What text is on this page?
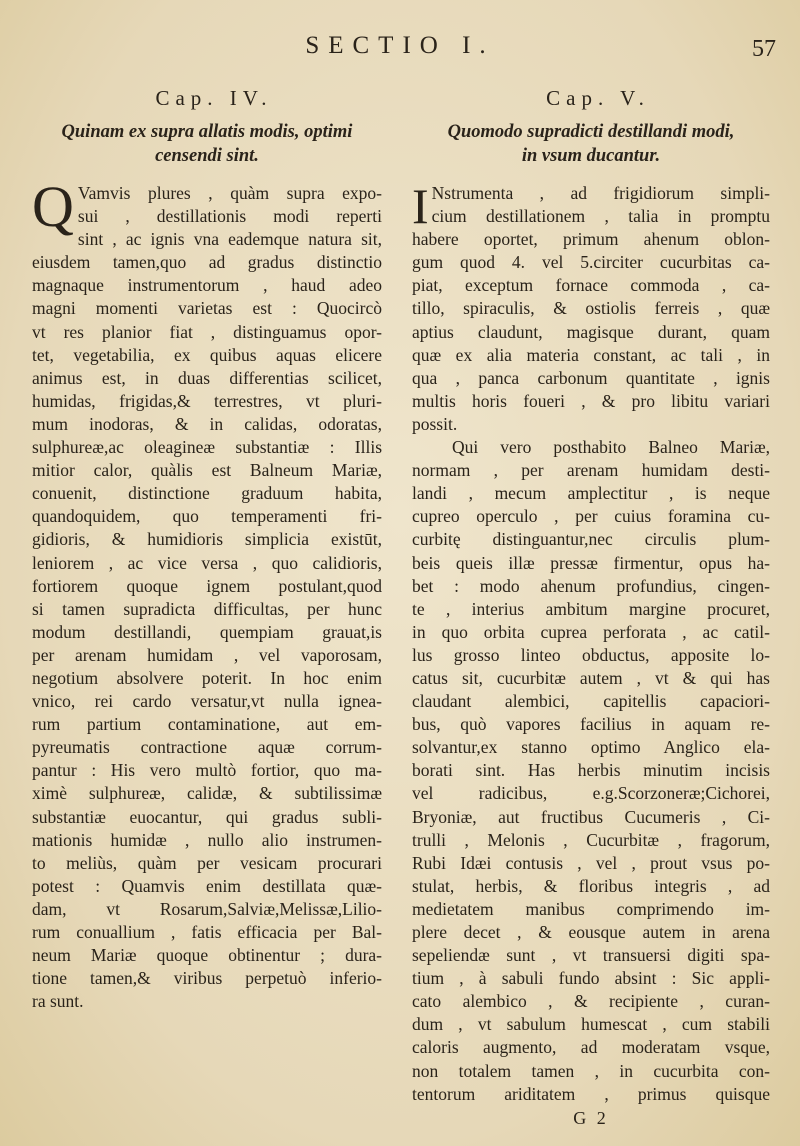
SECTIO I.	57
Cap. IV.
Quinam ex supra allatis modis, optimi
censendi sint.
Q Vamvis plures , quàm supra expo-
sui , destillationis modi reperti
sint , ac ignis vna eademque natura sit,
eiusdem tamen,quo ad gradus distinctio
magnaque instrumentorum , haud adeo
magni momenti varietas est : Quocircò
vt res planior fiat , distinguamus opor-
tet, vegetabilia, ex quibus aquas elicere
animus est, in duas differentias scilicet,
humidas, frigidas,& terrestres, vt pluri-
mum inodoras, & in calidas, odoratas,
sulphureæ,ac oleagineæ substantiæ : Illis
mitior calor, quàlis est Balneum Mariæ,
conuenit, distinctione graduum habita,
quandoquidem, quo temperamenti fri-
gidioris, & humidioris simplicia existūt,
leniorem , ac vice versa , quo calidioris,
fortiorem quoque ignem postulant,quod
si tamen supradicta difficultas, per hunc
modum destillandi, quempiam grauat,is
per arenam humidam , vel vaporosam,
negotium absolvere poterit. In hoc enim
vnico, rei cardo versatur,vt nulla ignea-
rum partium contaminatione, aut em-
pyreumatis contractione aquæ corrum-
pantur : His vero multò fortior, quo ma-
ximè sulphureæ, calidæ, & subtilissimæ
substantiæ euocantur, qui gradus subli-
mationis humidæ , nullo alio instrumen-
to meliùs, quàm per vesicam procurari
potest : Quamvis enim destillata quæ-
dam, vt Rosarum,Salviæ,Melissæ,Lilio-
rum conuallium , fatis efficacia per Bal-
neum Mariæ quoque obtinentur ; dura-
tione tamen,& viribus perpetuò inferio-
ra sunt.
Cap. V.
Quomodo supradicti destillandi modi,
in vsum ducantur.
I Nstrumenta , ad frigidiorum simpli-
cium destillationem , talia in promptu
habere oportet, primum ahenum oblon-
gum quod 4. vel 5.circiter cucurbitas ca-
piat, exceptum fornace commoda , ca-
tillo, spiraculis, & ostiolis ferreis , quæ
aptius claudunt, magisque durant, quam
quæ ex alia materia constant, ac tali , in
qua , panca carbonum quantitate , ignis
multis horis foueri , & pro libitu variari
possit.
Qui vero posthabito Balneo Mariæ,
normam , per arenam humidam desti-
landi , mecum amplectitur , is neque
cupreo operculo , per cuius foramina cu-
curbitę distinguantur,nec circulis plum-
beis queis illæ pressæ firmentur, opus ha-
bet : modo ahenum profundius, cingen-
te , interius ambitum margine procuret,
in quo orbita cuprea perforata , ac catil-
lus grosso linteo obductus, apposite lo-
catus sit, cucurbitæ autem , vt & qui has
claudant alembici, capitellis capaciori-
bus, quò vapores facilius in aquam re-
solvantur,ex stanno optimo Anglico ela-
borati sint. Has herbis minutim incisis
vel radicibus, e.g.Scorzoneræ;Cichorei,
Bryoniæ, aut fructibus Cucumeris , Ci-
trulli , Melonis , Cucurbitæ , fragorum,
Rubi Idæi contusis , vel , prout vsus po-
stulat, herbis, & floribus integris , ad
medietatem manibus comprimendo im-
plere decet , & eousque autem in arena
sepeliendæ sunt , vt transuersi digiti spa-
tium , à sabuli fundo absint : Sic appli-
cato alembico , & recipiente , curan-
dum , vt sabulum humescat , cum stabili
caloris augmento, ad moderatam vsque,
non totalem tamen , in cucurbita con-
tentorum ariditatem , primus quisque
G 2
